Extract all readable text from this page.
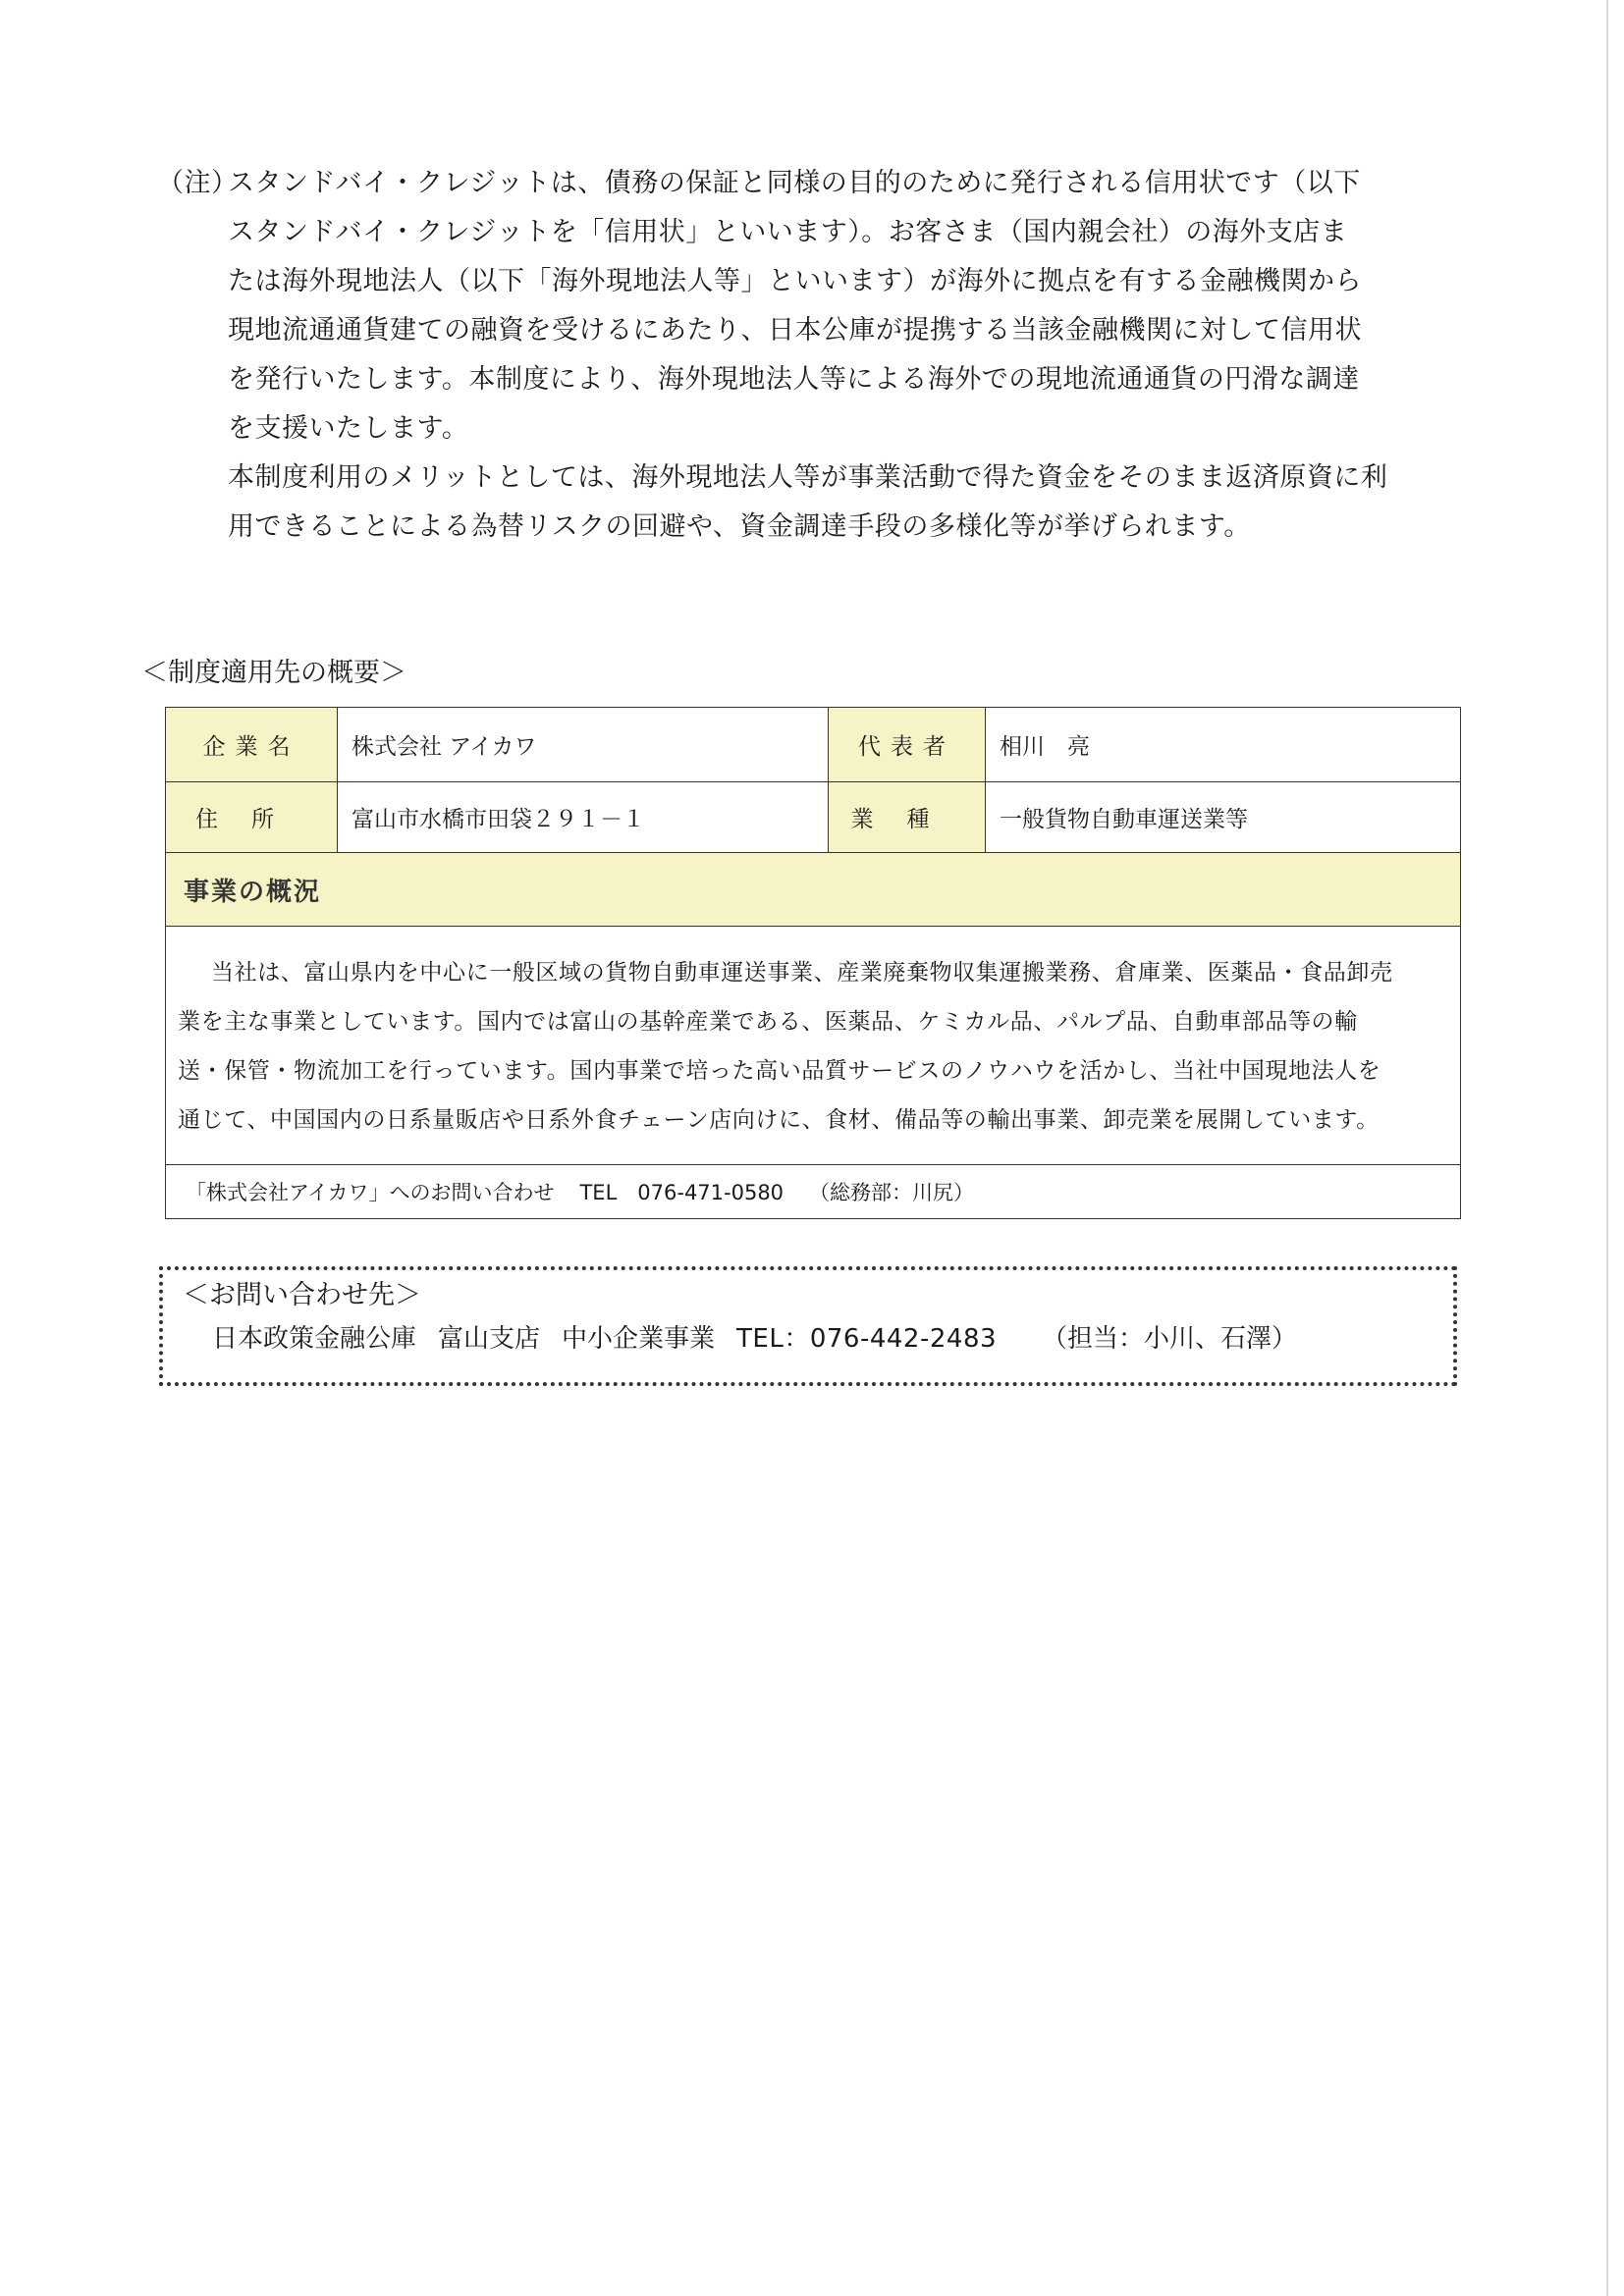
（注）
スタンドバイ・クレジットは、債務の保証と同様の目的のために発行される信用状です（以下
スタンドバイ・クレジットを「信用状」といいます）。お客さま（国内親会社）の海外支店ま
たは海外現地法人（以下「海外現地法人等」といいます）が海外に拠点を有する金融機関から
現地流通通貨建ての融資を受けるにあたり、日本公庫が提携する当該金融機関に対して信用状
を発行いたします。本制度により、海外現地法人等による海外での現地流通通貨の円滑な調達
を支援いたします。
本制度利用のメリットとしては、海外現地法人等が事業活動で得た資金をそのまま返済原資に利
用できることによる為替リスクの回避や、資金調達手段の多様化等が挙げられます。
＜制度適用先の概要＞
企業名	株式会社 アイカワ	代表者	相川　亮
住所	富山市水橋市田袋２９１－１	業種	一般貨物自動車運送業等
事業の概況
当社は、富山県内を中心に一般区域の貨物自動車運送事業、産業廃棄物収集運搬業務、倉庫業、医薬品・食品卸売
業を主な事業としています。国内では富山の基幹産業である、医薬品、ケミカル品、パルプ品、自動車部品等の輸
送・保管・物流加工を行っています。国内事業で培った高い品質サービスのノウハウを活かし、当社中国現地法人を
通じて、中国国内の日系量販店や日系外食チェーン店向けに、食材、備品等の輸出事業、卸売業を展開しています。
「株式会社アイカワ」へのお問い合わせ TEL　076-471-0580 （総務部：川尻）
＜お問い合わせ先＞
日本政策金融公庫 富山支店 中小企業事業 TEL：076-442-2483 （担当：小川、石澤）
